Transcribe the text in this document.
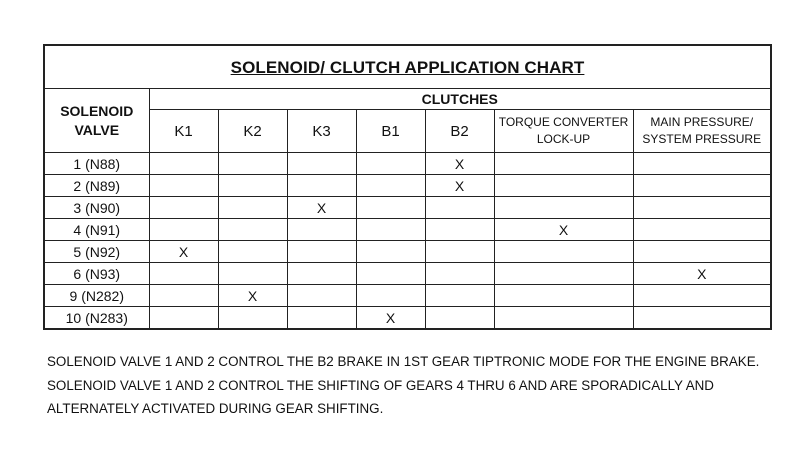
SOLENOID/ CLUTCH APPLICATION CHART							
SOLENOID VALVE	CLUTCHES						
	K1	K2	K3	B1	B2	TORQUE CONVERTER LOCK-UP	MAIN PRESSURE/ SYSTEM PRESSURE
1 (N88)					X		
2 (N89)					X		
3 (N90)			X				
4 (N91)						X	
5 (N92)	X						
6 (N93)							X
9 (N282)		X					
10 (N283)				X			
SOLENOID VALVE 1 AND 2 CONTROL THE B2 BRAKE IN 1ST GEAR TIPTRONIC MODE FOR THE ENGINE BRAKE.
SOLENOID VALVE 1 AND 2 CONTROL THE SHIFTING OF GEARS 4 THRU 6 AND ARE SPORADICALLY AND
ALTERNATELY ACTIVATED DURING GEAR SHIFTING.
